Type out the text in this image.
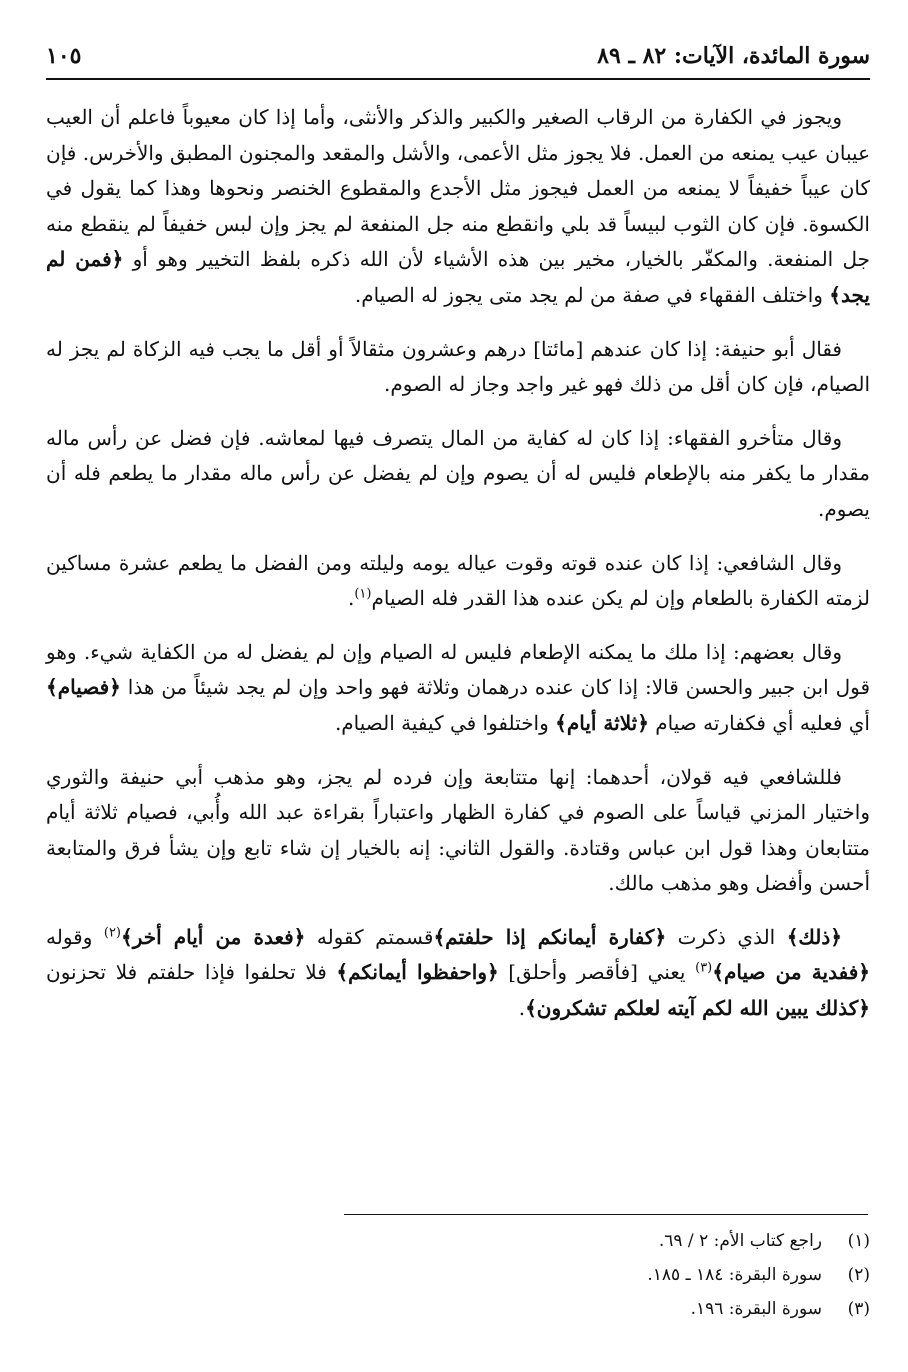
سورة المائدة، الآيات: ٨٢ ـ ٨٩
١٠٥

ويجوز في الكفارة من الرقاب الصغير والكبير والذكر والأنثى، وأما إذا كان معيوباً فاعلم أن العيب عيبان عيب يمنعه من العمل. فلا يجوز مثل الأعمى، والأشل والمقعد والمجنون المطبق والأخرس. فإن كان عيباً خفيفاً لا يمنعه من العمل فيجوز مثل الأجدع والمقطوع الخنصر ونحوها وهذا كما يقول في الكسوة. فإن كان الثوب لبيساً قد بلي وانقطع منه جل المنفعة لم يجز وإن لبس خفيفاً لم ينقطع منه جل المنفعة. والمكفّر بالخيار، مخير بين هذه الأشياء لأن الله ذكره بلفظ التخيير وهو أو ﴿فمن لم يجد﴾ واختلف الفقهاء في صفة من لم يجد متى يجوز له الصيام.

فقال أبو حنيفة: إذا كان عندهم [مائتا] درهم وعشرون مثقالاً أو أقل ما يجب فيه الزكاة لم يجز له الصيام، فإن كان أقل من ذلك فهو غير واجد وجاز له الصوم.

وقال متأخرو الفقهاء: إذا كان له كفاية من المال يتصرف فيها لمعاشه. فإن فضل عن رأس ماله مقدار ما يكفر منه بالإطعام فليس له أن يصوم وإن لم يفضل عن رأس ماله مقدار ما يطعم فله أن يصوم.

وقال الشافعي: إذا كان عنده قوته وقوت عياله يومه وليلته ومن الفضل ما يطعم عشرة مساكين لزمته الكفارة بالطعام وإن لم يكن عنده هذا القدر فله الصيام$^{(١)}$.

وقال بعضهم: إذا ملك ما يمكنه الإطعام فليس له الصيام وإن لم يفضل له من الكفاية شيء. وهو قول ابن جبير والحسن قالا: إذا كان عنده درهمان وثلاثة فهو واحد وإن لم يجد شيئاً من هذا ﴿فصيام﴾ أي فعليه أي فكفارته صيام ﴿ثلاثة أيام﴾ واختلفوا في كيفية الصيام.

فللشافعي فيه قولان، أحدهما: إنها متتابعة وإن فرده لم يجز، وهو مذهب أبي حنيفة والثوري واختيار المزني قياساً على الصوم في كفارة الظهار واعتباراً بقراءة عبد الله وأُبي، فصيام ثلاثة أيام متتابعان وهذا قول ابن عباس وقتادة. والقول الثاني: إنه بالخيار إن شاء تابع وإن يشأ فرق والمتابعة أحسن وأفضل وهو مذهب مالك.

﴿ذلك﴾ الذي ذكرت ﴿كفارة أيمانكم إذا حلفتم﴾قسمتم كقوله ﴿فعدة من أيام أخر﴾$^{(٢)}$ وقوله ﴿ففدية من صيام﴾$^{(٣)}$ يعني [فأقصر وأحلق] ﴿واحفظوا أيمانكم﴾ فلا تحلفوا فإذا حلفتم فلا تحزنون ﴿كذلك يبين الله لكم آيته لعلكم تشكرون﴾.

(١)
راجع كتاب الأم: ٢ / ٦٩.
(٢)
سورة البقرة: ١٨٤ ـ ١٨٥.
(٣)
سورة البقرة: ١٩٦.
